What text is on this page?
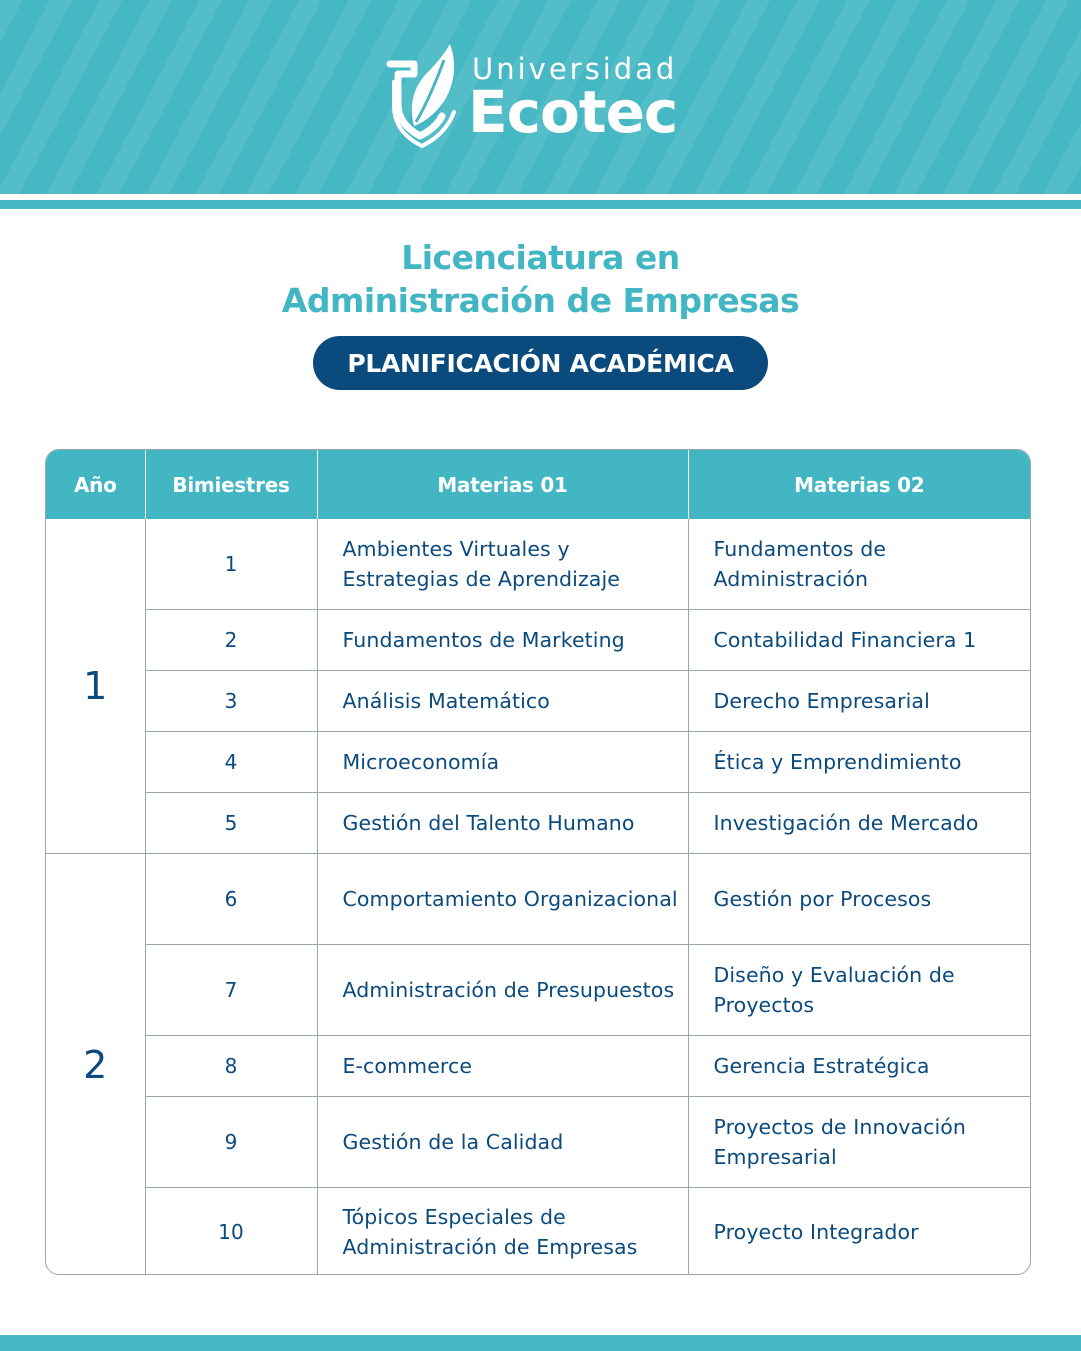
Universidad
Ecotec
Licenciatura en
Administración de Empresas
PLANIFICACIÓN ACADÉMICA
Año	Bimiestres	Materias 01	Materias 02
1	1	Ambientes Virtuales y Estrategias de Aprendizaje	Fundamentos de Administración
	2	Fundamentos de Marketing	Contabilidad Financiera 1
	3	Análisis Matemático	Derecho Empresarial
	4	Microeconomía	Ética y Emprendimiento
	5	Gestión del Talento Humano	Investigación de Mercado
2	6	Comportamiento Organizacional	Gestión por Procesos
	7	Administración de Presupuestos	Diseño y Evaluación de Proyectos
	8	E-commerce	Gerencia Estratégica
	9	Gestión de la Calidad	Proyectos de Innovación Empresarial
	10	Tópicos Especiales de Administración de Empresas	Proyecto Integrador
